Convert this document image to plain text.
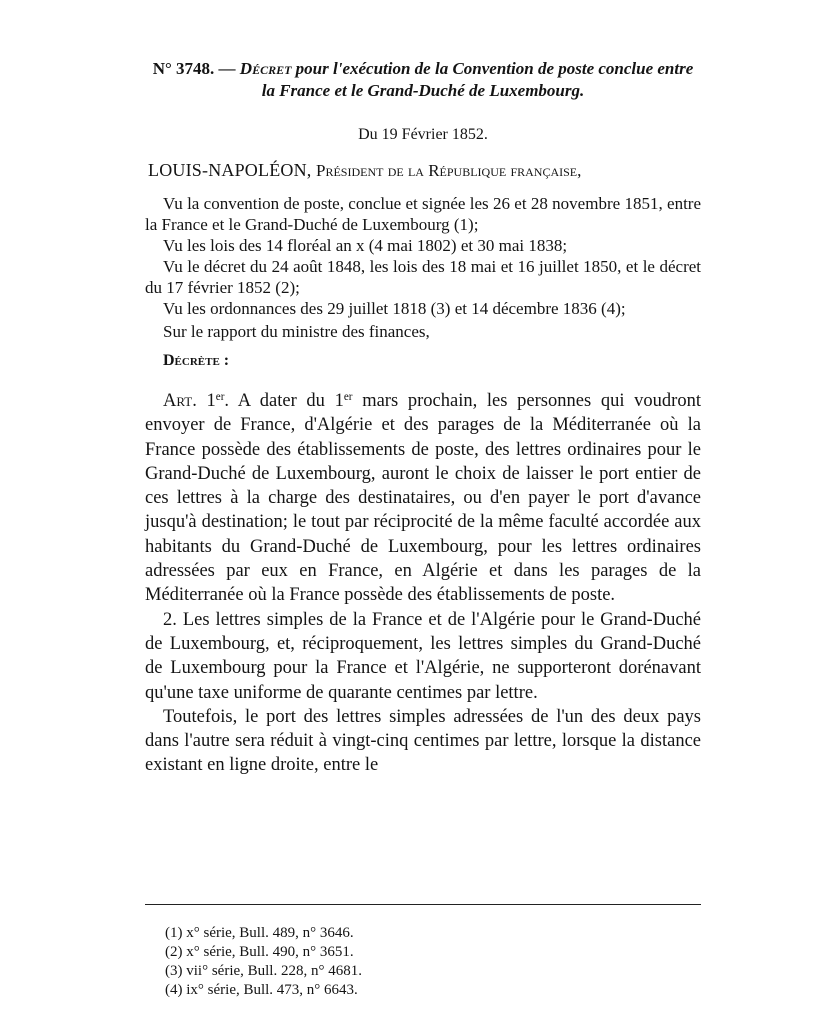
N° 3748. — Décret pour l'exécution de la Convention de poste conclue entre la France et le Grand-Duché de Luxembourg.
Du 19 Février 1852.
LOUIS-NAPOLÉON, Président de la République française,

Vu la convention de poste, conclue et signée les 26 et 28 novembre 1851, entre la France et le Grand-Duché de Luxembourg (1);

Vu les lois des 14 floréal an x (4 mai 1802) et 30 mai 1838;

Vu le décret du 24 août 1848, les lois des 18 mai et 16 juillet 1850, et le décret du 17 février 1852 (2);

Vu les ordonnances des 29 juillet 1818 (3) et 14 décembre 1836 (4);

Sur le rapport du ministre des finances,

Décrète :

Art. 1er. A dater du 1er mars prochain, les personnes qui voudront envoyer de France, d'Algérie et des parages de la Méditerranée où la France possède des établissements de poste, des lettres ordinaires pour le Grand-Duché de Luxembourg, auront le choix de laisser le port entier de ces lettres à la charge des destinataires, ou d'en payer le port d'avance jusqu'à destination; le tout par réciprocité de la même faculté accordée aux habitants du Grand-Duché de Luxembourg, pour les lettres ordinaires adressées par eux en France, en Algérie et dans les parages de la Méditerranée où la France possède des établissements de poste.

2. Les lettres simples de la France et de l'Algérie pour le Grand-Duché de Luxembourg, et, réciproquement, les lettres simples du Grand-Duché de Luxembourg pour la France et l'Algérie, ne supporteront dorénavant qu'une taxe uniforme de quarante centimes par lettre.

Toutefois, le port des lettres simples adressées de l'un des deux pays dans l'autre sera réduit à vingt-cinq centimes par lettre, lorsque la distance existant en ligne droite, entre le

(1) x° série, Bull. 489, n° 3646.
(2) x° série, Bull. 490, n° 3651.
(3) vii° série, Bull. 228, n° 4681.
(4) ix° série, Bull. 473, n° 6643.
